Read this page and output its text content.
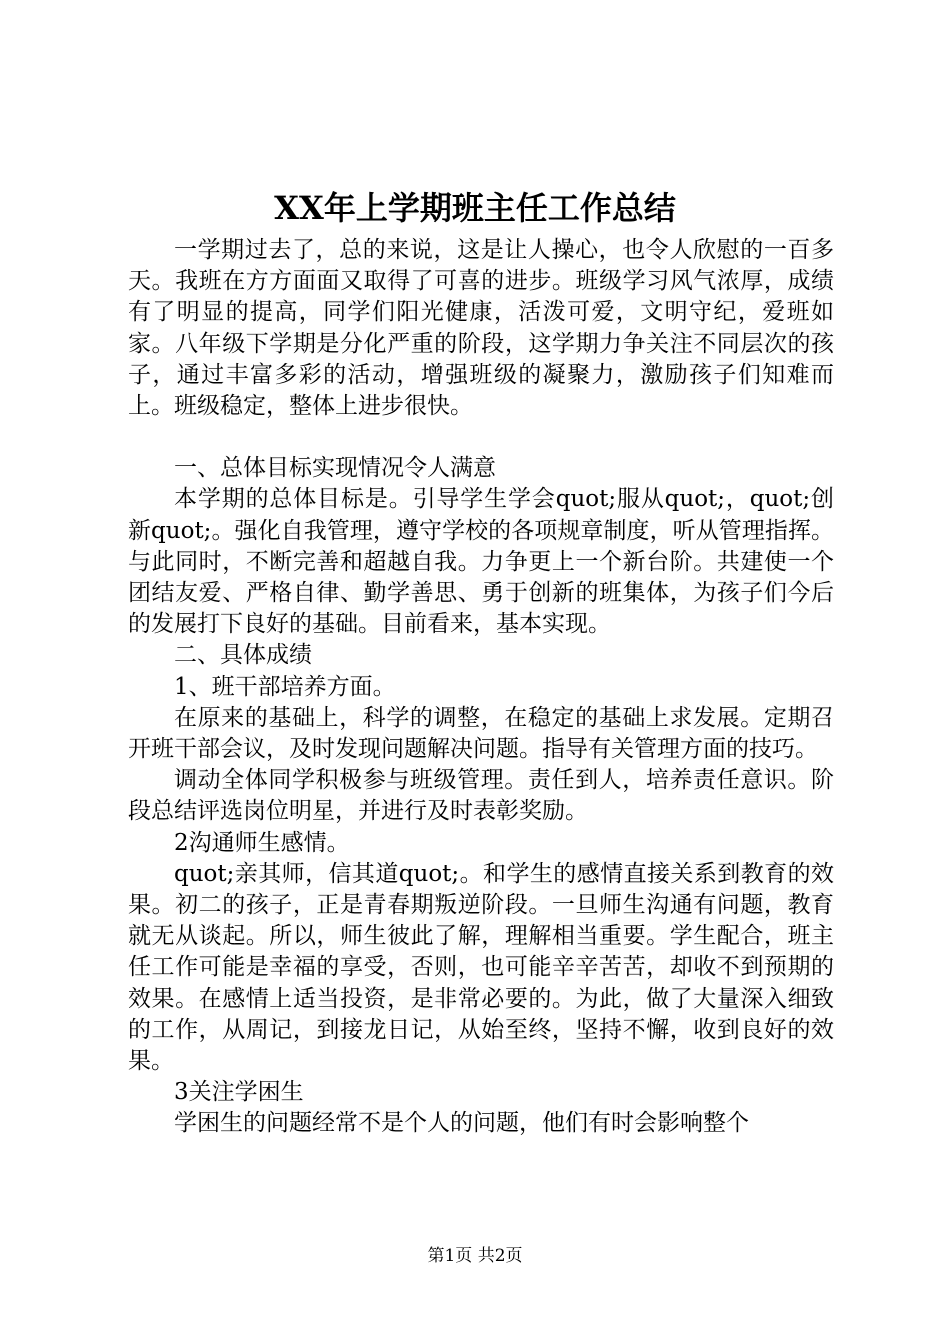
XX年上学期班主任工作总结

一学期过去了，总的来说，这是让人操心，也令人欣慰的一百多天。我班在方方面面又取得了可喜的进步。班级学习风气浓厚，成绩有了明显的提高，同学们阳光健康，活泼可爱，文明守纪，爱班如家。八年级下学期是分化严重的阶段，这学期力争关注不同层次的孩子，通过丰富多彩的活动，增强班级的凝聚力，激励孩子们知难而上。班级稳定，整体上进步很快。

一、总体目标实现情况令人满意

本学期的总体目标是。引导学生学会quot;服从quot;，quot;创新quot;。强化自我管理，遵守学校的各项规章制度，听从管理指挥。与此同时，不断完善和超越自我。力争更上一个新台阶。共建使一个团结友爱、严格自律、勤学善思、勇于创新的班集体，为孩子们今后的发展打下良好的基础。目前看来，基本实现。

二、具体成绩

1、班干部培养方面。

在原来的基础上，科学的调整，在稳定的基础上求发展。定期召开班干部会议，及时发现问题解决问题。指导有关管理方面的技巧。

调动全体同学积极参与班级管理。责任到人，培养责任意识。阶段总结评选岗位明星，并进行及时表彰奖励。

2沟通师生感情。

quot;亲其师，信其道quot;。和学生的感情直接关系到教育的效果。初二的孩子，正是青春期叛逆阶段。一旦师生沟通有问题，教育就无从谈起。所以，师生彼此了解，理解相当重要。学生配合，班主任工作可能是幸福的享受，否则，也可能辛辛苦苦，却收不到预期的效果。在感情上适当投资，是非常必要的。为此，做了大量深入细致的工作，从周记，到接龙日记，从始至终，坚持不懈，收到良好的效果。

3关注学困生

学困生的问题经常不是个人的问题，他们有时会影响整个

第1页 共2页
